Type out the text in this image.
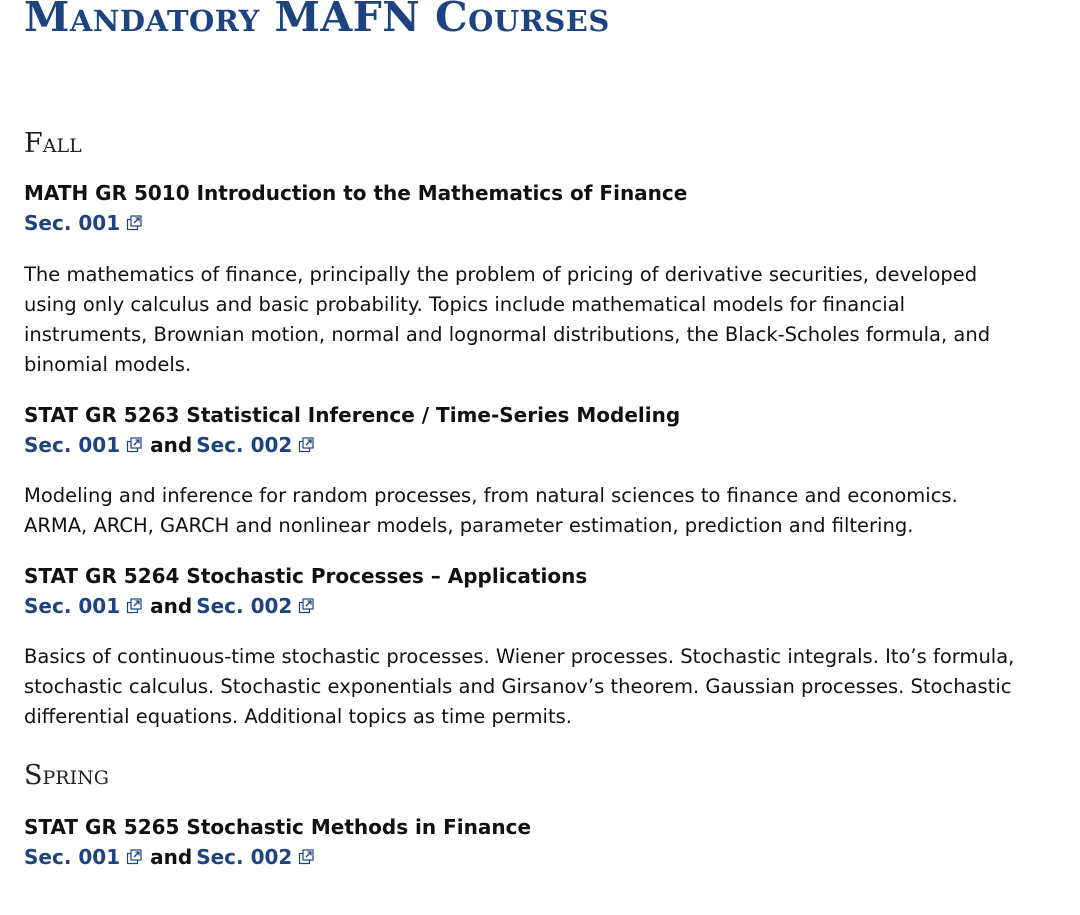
Mandatory MAFN Courses
Fall

MATH GR 5010 Introduction to the Mathematics of Finance

Sec. 001

The mathematics of finance, principally the problem of pricing of derivative securities, developed using only calculus and basic probability. Topics include mathematical models for financial instruments, Brownian motion, normal and lognormal distributions, the Black-Scholes formula, and binomial models.

STAT GR 5263 Statistical Inference / Time-Series Modeling

Sec. 001 and Sec. 002

Modeling and inference for random processes, from natural sciences to finance and economics. ARMA, ARCH, GARCH and nonlinear models, parameter estimation, prediction and filtering.

STAT GR 5264 Stochastic Processes – Applications

Sec. 001 and Sec. 002

Basics of continuous-time stochastic processes. Wiener processes. Stochastic integrals. Ito’s formula, stochastic calculus. Stochastic exponentials and Girsanov’s theorem. Gaussian processes. Stochastic differential equations. Additional topics as time permits.

Spring

STAT GR 5265 Stochastic Methods in Finance

Sec. 001 and Sec. 002
